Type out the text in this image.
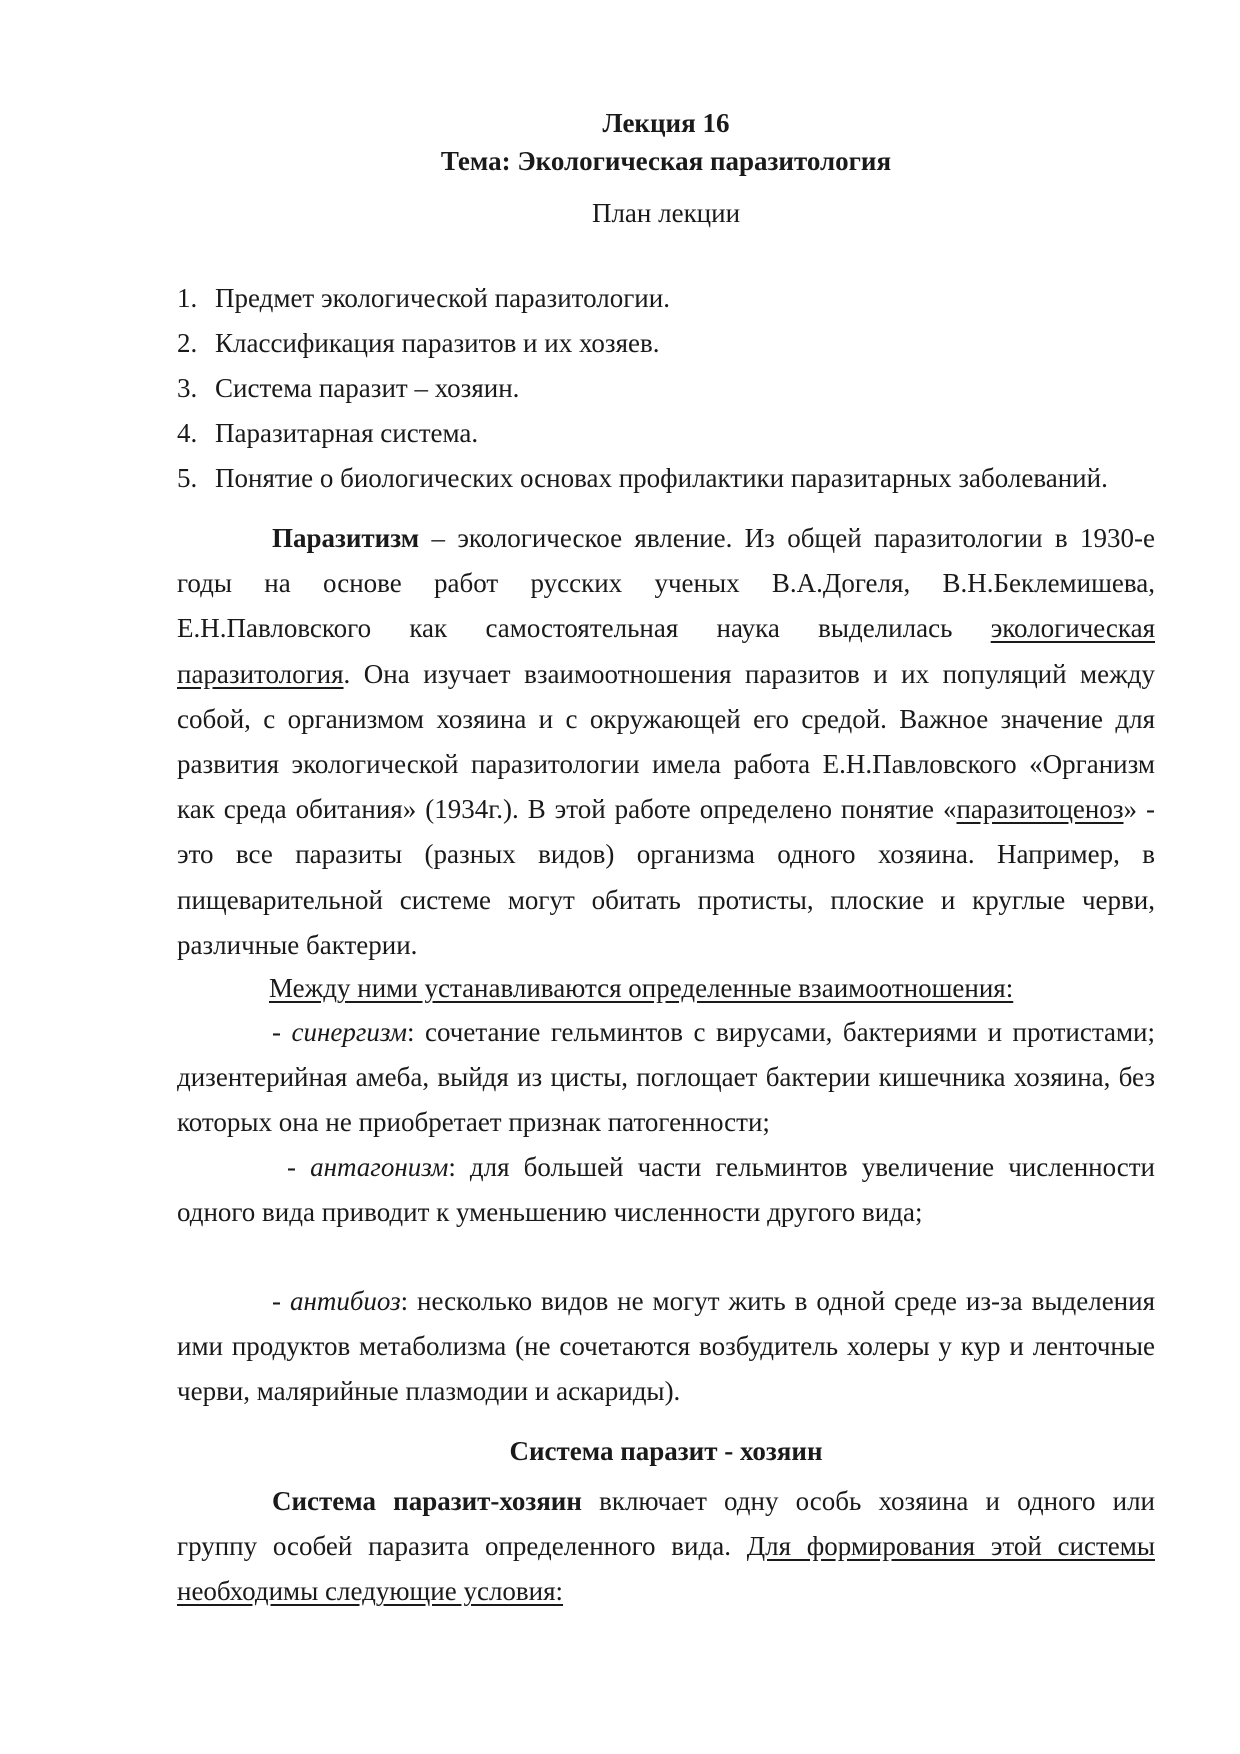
Лекция 16
Тема: Экологическая паразитология
План лекции
1. Предмет экологической паразитологии.
2. Классификация паразитов и их хозяев.
3. Система паразит – хозяин.
4. Паразитарная система.
5. Понятие о биологических основах профилактики паразитарных заболеваний.

Паразитизм – экологическое явление. Из общей паразитологии в 1930-е годы на основе работ русских ученых В.А.Догеля, В.Н.Беклемишева, Е.Н.Павловского как самостоятельная наука выделилась экологическая паразитология. Она изучает взаимоотношения паразитов и их популяций между собой, с организмом хозяина и с окружающей его средой. Важное значение для развития экологической паразитологии имела работа Е.Н.Павловского «Организм как среда обитания» (1934г.). В этой работе определено понятие «паразитоценоз» - это все паразиты (разных видов) организма одного хозяина. Например, в пищеварительной системе могут обитать протисты, плоские и круглые черви, различные бактерии.

Между ними устанавливаются определенные взаимоотношения:

- синергизм: сочетание гельминтов с вирусами, бактериями и протистами; дизентерийная амеба, выйдя из цисты, поглощает бактерии кишечника хозяина, без которых она не приобретает признак патогенности;

- антагонизм: для большей части гельминтов увеличение численности одного вида приводит к уменьшению численности другого вида;

- антибиоз: несколько видов не могут жить в одной среде из-за выделения ими продуктов метаболизма (не сочетаются возбудитель холеры у кур и ленточные черви, малярийные плазмодии и аскариды).

Система паразит - хозяин

Система паразит-хозяин включает одну особь хозяина и одного или группу особей паразита определенного вида. Для формирования этой системы необходимы следующие условия:
